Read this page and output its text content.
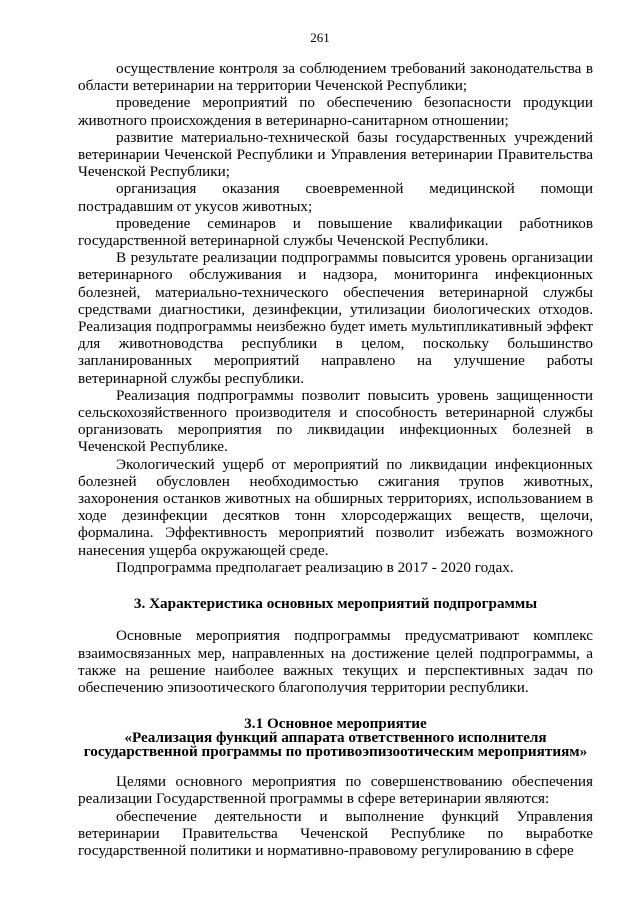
261

осуществление контроля за соблюдением требований законодательства в области ветеринарии на территории Чеченской Республики;

проведение мероприятий по обеспечению безопасности продукции животного происхождения в ветеринарно-санитарном отношении;

развитие материально-технической базы государственных учреждений ветеринарии Чеченской Республики и Управления ветеринарии Правительства Чеченской Республики;

организация оказания своевременной медицинской помощи пострадавшим от укусов животных;

проведение семинаров и повышение квалификации работников государственной ветеринарной службы Чеченской Республики.

В результате реализации подпрограммы повысится уровень организации ветеринарного обслуживания и надзора, мониторинга инфекционных болезней, материально-технического обеспечения ветеринарной службы средствами диагностики, дезинфекции, утилизации биологических отходов. Реализация подпрограммы неизбежно будет иметь мультипликативный эффект для животноводства республики в целом, поскольку большинство запланированных мероприятий направлено на улучшение работы ветеринарной службы республики.

Реализация подпрограммы позволит повысить уровень защищенности сельскохозяйственного производителя и способность ветеринарной службы организовать мероприятия по ликвидации инфекционных болезней в Чеченской Республике.

Экологический ущерб от мероприятий по ликвидации инфекционных болезней обусловлен необходимостью сжигания трупов животных, захоронения останков животных на обширных территориях, использованием в ходе дезинфекции десятков тонн хлорсодержащих веществ, щелочи, формалина. Эффективность мероприятий позволит избежать возможного нанесения ущерба окружающей среде.

Подпрограмма предполагает реализацию в 2017 - 2020 годах.

3. Характеристика основных мероприятий подпрограммы

Основные мероприятия подпрограммы предусматривают комплекс взаимосвязанных мер, направленных на достижение целей подпрограммы, а также на решение наиболее важных текущих и перспективных задач по обеспечению эпизоотического благополучия территории республики.

3.1 Основное мероприятие
«Реализация функций аппарата ответственного исполнителя
государственной программы по противоэпизоотическим мероприятиям»

Целями основного мероприятия по совершенствованию обеспечения реализации Государственной программы в сфере ветеринарии являются:

обеспечение деятельности и выполнение функций Управления ветеринарии Правительства Чеченской Республике по выработке государственной политики и нормативно-правовому регулированию в сфере
